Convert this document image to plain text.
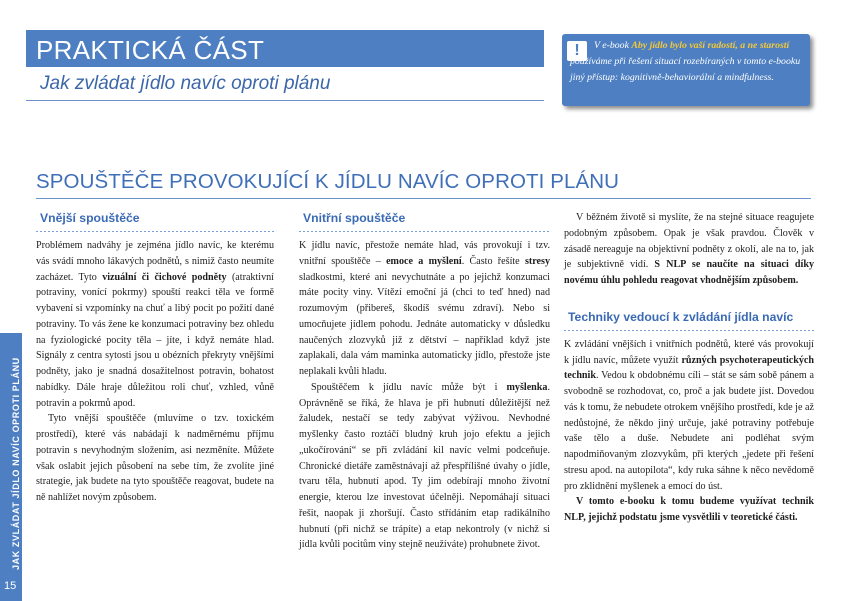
PRAKTICKÁ ČÁST
Jak zvládat jídlo navíc oproti plánu
!	V e-book Aby jídlo bylo vaší radostí, a ne starostí používáme při řešení situací rozebíraných v tomto e-booku jiný přístup: kognitivně-behaviorální a mindfulness.
SPOUŠTĚČE PROVOKUJÍCÍ K JÍDLU NAVÍC OPROTI PLÁNU
Vnější spouštěče

Problémem nadváhy je zejména jídlo navíc, ke kterému vás svádí mnoho lákavých podnětů, s nimiž často neumíte zacházet. Tyto vizuální či čichové podněty (atraktivní potraviny, vonící pokrmy) spouští reakci těla ve formě vybavení si vzpomínky na chuť a libý pocit po požití dané potraviny. To vás žene ke konzumaci potraviny bez ohledu na fyziologické pocity těla – jíte, i když nemáte hlad. Signály z centra sytosti jsou u obézních překryty vnějšími podněty, jako je snadná dosažitelnost potravin, bohatost nabídky. Dále hraje důležitou roli chuť, vzhled, vůně potravin a pokrmů apod.

Tyto vnější spouštěče (mluvíme o tzv. toxickém prostředí), které vás nabádají k nadměrnému příjmu potravin s nevyhodným složením, asi nezměníte. Můžete však oslabit jejich působení na sebe tím, že zvolíte jiné strategie, jak budete na tyto spouštěče reagovat, budete na ně nahlížet novým způsobem.

Vnitřní spouštěče

K jídlu navíc, přestože nemáte hlad, vás provokují i tzv. vnitřní spouštěče – emoce a myšlení. Často řešíte stresy sladkostmi, které ani nevychutnáte a po jejichž konzumaci máte pocity viny. Vítězí emoční já (chci to teď hned) nad rozumovým (přibereš, škodíš svému zdraví). Nebo si umocňujete jídlem pohodu. Jednáte automaticky v důsledku naučených zlozvyků již z dětství – například když jste zaplakali, dala vám maminka automaticky jídlo, přestože jste neplakali kvůli hladu.

Spouštěčem k jídlu navíc může být i myšlenka. Oprávněně se říká, že hlava je při hubnutí důležitější než žaludek, nestačí se tedy zabývat výživou. Nevhodné myšlenky často roztáčí bludný kruh jojo efektu a jejich „ukočírování“ se při zvládání kil navíc velmi podceňuje. Chronické dietáře zaměstnávají až přespřílišné úvahy o jídle, tvaru těla, hubnutí apod. Ty jim odebírají mnoho životní energie, kterou lze investovat účelněji. Nepomáhají situaci řešit, naopak ji zhoršují. Často střídáním etap radikálního hubnutí (při nichž se trápíte) a etap nekontroly (v nichž si jídla kvůli pocitům viny stejně neužíváte) prohubnete život.

V běžném životě si myslíte, že na stejné situace reagujete podobným způsobem. Opak je však pravdou. Člověk v zásadě nereaguje na objektivní podněty z okolí, ale na to, jak je subjektivně vidí. S NLP se naučíte na situaci díky novému úhlu pohledu reagovat vhodnějším způsobem.

Techniky vedoucí k zvládání jídla navíc

K zvládání vnějších i vnitřních podnětů, které vás provokují k jídlu navíc, můžete využít různých psychoterapeutických technik. Vedou k obdobnému cíli – stát se sám sobě pánem a svobodně se rozhodovat, co, proč a jak budete jíst. Dovedou vás k tomu, že nebudete otrokem vnějšího prostředí, kde je až nedůstojné, že někdo jiný určuje, jaké potraviny potřebuje vaše tělo a duše. Nebudete ani podléhat svým napodmiňovaným zlozvykům, při kterých „jedete při řešení stresu apod. na autopilota“, kdy ruka sáhne k něco nevědomě pro zklidnění myšlenek a emocí do úst.

V tomto e-booku k tomu budeme využívat technik NLP, jejichž podstatu jsme vysvětlili v teoretické části.

JAK ZVLÁDAT JÍDLO NAVÍC OPROTI PLÁNU
15
